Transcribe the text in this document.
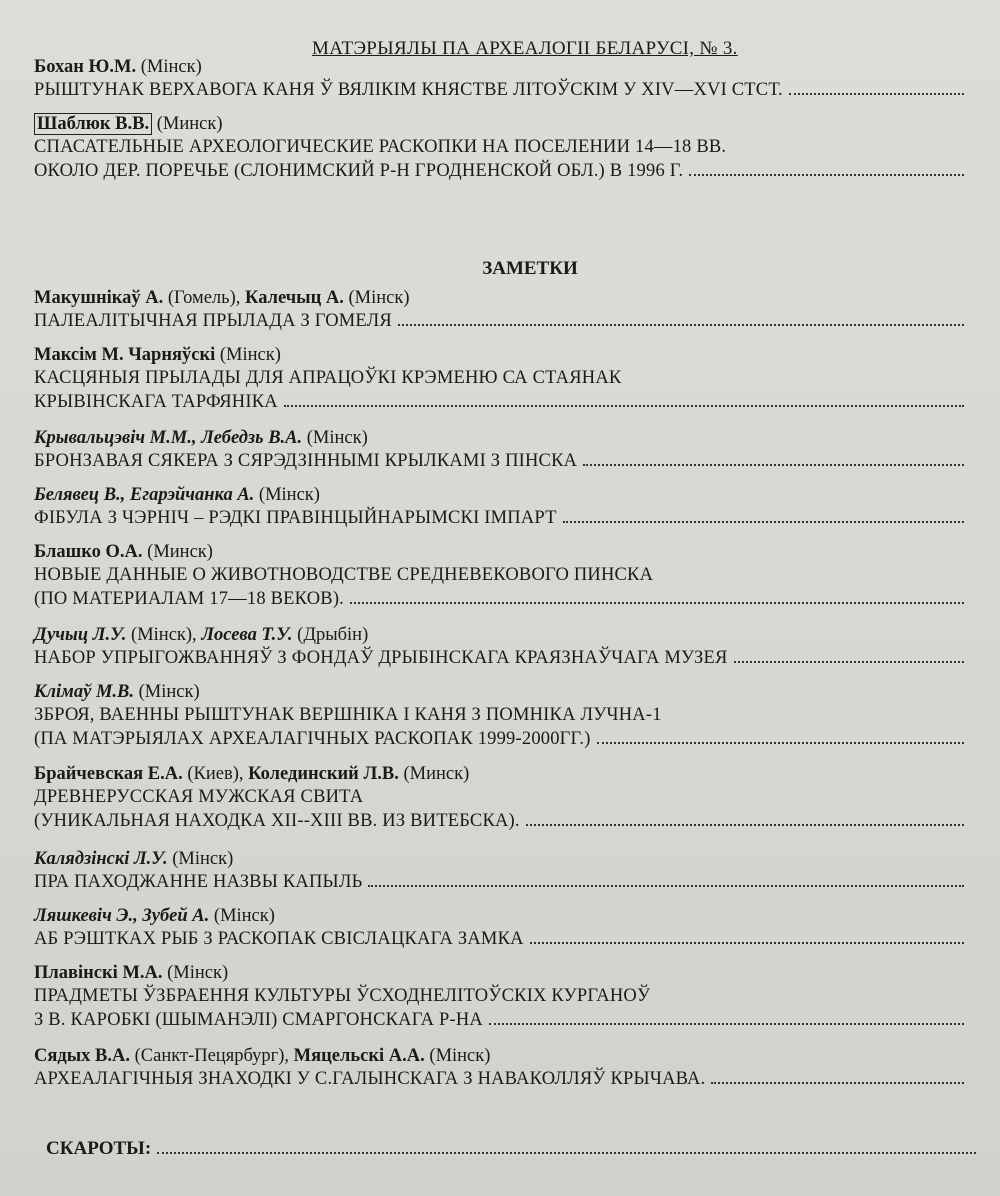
МАТЭРЫЯЛЫ ПА АРХЕАЛОГІІ БЕЛАРУСІ, № 3.
Бохан Ю.М. (Мінск)
РЫШТУНАК ВЕРХАВОГА КАНЯ Ў ВЯЛІКІМ КНЯСТВЕ ЛІТОЎСКІМ У XIV—XVI СТСТ.
Шаблюк В.В. (Минск)
СПАСАТЕЛЬНЫЕ АРХЕОЛОГИЧЕСКИЕ РАСКОПКИ НА ПОСЕЛЕНИИ 14—18 ВВ.
ОКОЛО ДЕР. ПОРЕЧЬЕ (СЛОНИМСКИЙ Р-Н ГРОДНЕНСКОЙ ОБЛ.) В 1996 Г.
ЗАМЕТКИ
Макушнікаў А. (Гомель), Калечыц А. (Мінск)
ПАЛЕАЛІТЫЧНАЯ ПРЫЛАДА З ГОМЕЛЯ
Максім М. Чарняўскі (Мінск)
КАСЦЯНЫЯ ПРЫЛАДЫ ДЛЯ АПРАЦОЎКІ КРЭМЕНЮ СА СТАЯНАК
КРЫВІНСКАГА ТАРФЯНІКА
Крывальцэвіч М.М., Лебедзь В.А. (Мінск)
БРОНЗАВАЯ СЯКЕРА З СЯРЭДЗІННЫМІ КРЫЛКАМІ З ПІНСКА
Белявец В., Егарэйчанка А. (Мінск)
ФІБУЛА З ЧЭРНІЧ – РЭДКІ ПРАВІНЦЫЙНАРЫМСКІ ІМПАРТ
Блашко О.А. (Минск)
НОВЫЕ ДАННЫЕ О ЖИВОТНОВОДСТВЕ СРЕДНЕВЕКОВОГО ПИНСКА
(ПО МАТЕРИАЛАМ 17—18 ВЕКОВ).
Дучыц Л.У. (Мінск), Лосева Т.У. (Дрыбін)
НАБОР УПРЫГОЖВАННЯЎ З ФОНДАЎ ДРЫБІНСКАГА КРАЯЗНАЎЧАГА МУЗЕЯ
Клімаў М.В. (Мінск)
ЗБРОЯ, ВАЕННЫ РЫШТУНАК ВЕРШНІКА І КАНЯ З ПОМНІКА ЛУЧНА-1
(ПА МАТЭРЫЯЛАХ АРХЕАЛАГІЧНЫХ РАСКОПАК 1999-2000ГГ.)
Брайчевская Е.А. (Киев), Колединский Л.В. (Минск)
ДРЕВНЕРУССКАЯ МУЖСКАЯ СВИТА
(УНИКАЛЬНАЯ НАХОДКА XII--XIII ВВ. ИЗ ВИТЕБСКА).
Калядзінскі Л.У. (Мінск)
ПРА ПАХОДЖАННЕ НАЗВЫ КАПЫЛЬ
Ляшкевіч Э., Зубей А. (Мінск)
АБ РЭШТКАХ РЫБ З РАСКОПАК СВІСЛАЦКАГА ЗАМКА
Плавінскі М.А. (Мінск)
ПРАДМЕТЫ ЎЗБРАЕННЯ КУЛЬТУРЫ ЎСХОДНЕЛІТОЎСКІХ КУРГАНОЎ
З В. КАРОБКІ (ШЫМАНЭЛІ) СМАРГОНСКАГА Р-НА
Сядых В.А. (Санкт-Пецярбург), Мяцельскі А.А. (Мінск)
АРХЕАЛАГІЧНЫЯ ЗНАХОДКІ У С.ГАЛЫНСКАГА З НАВАКОЛЛЯЎ КРЫЧАВА.
СКАРОТЫ :
